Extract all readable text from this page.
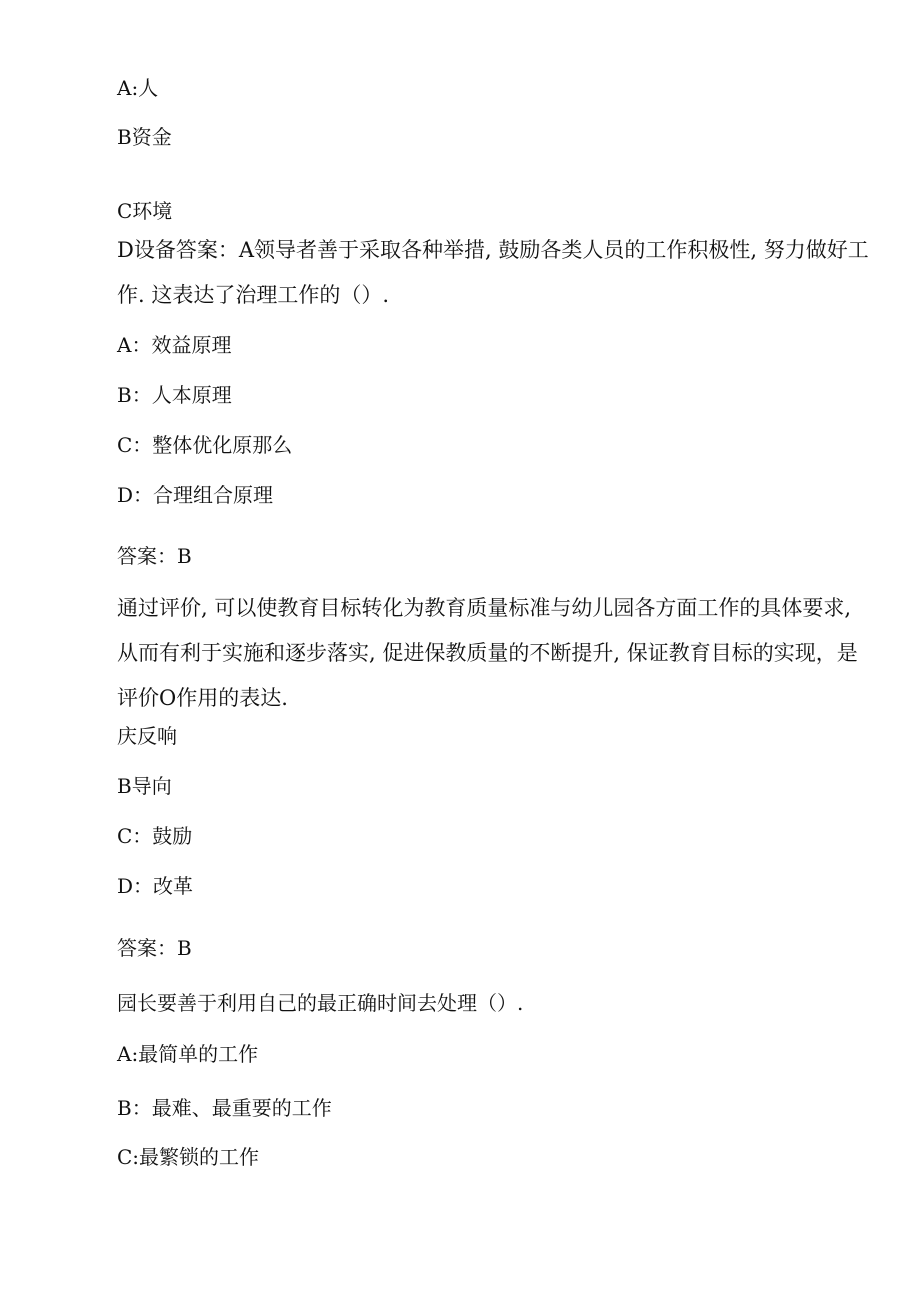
A:人

B资金

C环境

D设备答案：A领导者善于采取各种举措, 鼓励各类人员的工作积极性, 努力做好工作. 这表达了治理工作的（）.

A：效益原理

B：人本原理

C：整体优化原那么

D：合理组合原理

答案：B

通过评价, 可以使教育目标转化为教育质量标准与幼儿园各方面工作的具体要求, 从而有利于实施和逐步落实, 促进保教质量的不断提升, 保证教育目标的实现，是评价O作用的表达.

庆反响

B导向

C：鼓励

D：改革

答案：B

园长要善于利用自己的最正确时间去处理（）.

A:最简单的工作

B：最难、最重要的工作

C:最繁锁的工作
